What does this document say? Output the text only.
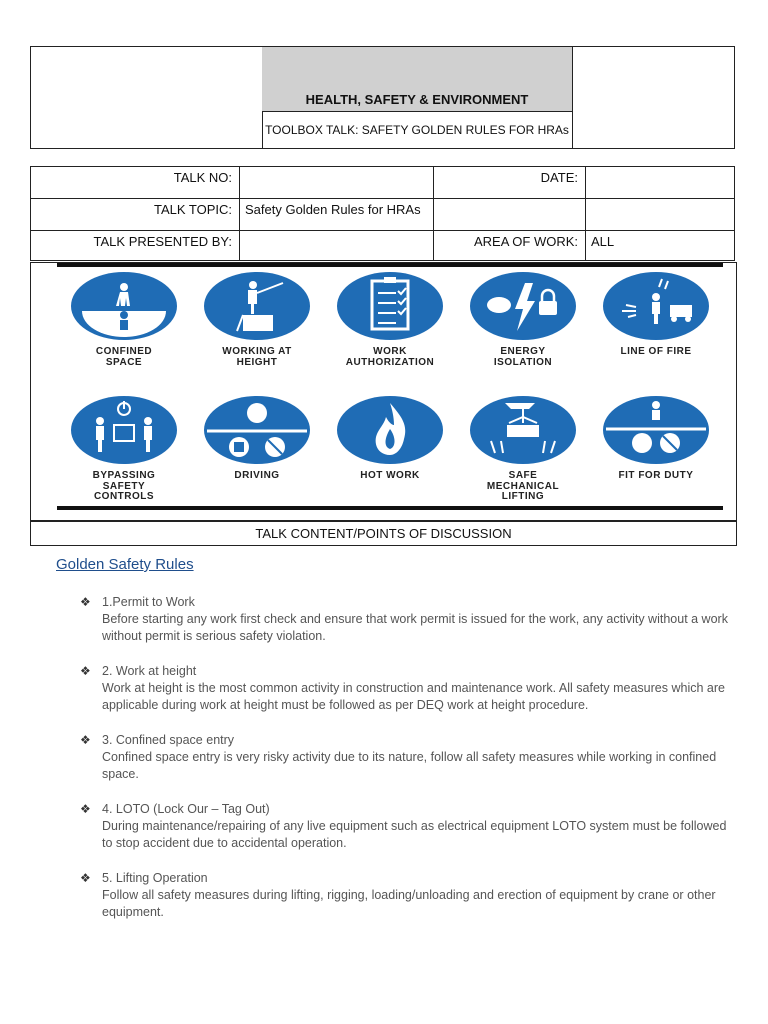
HEALTH, SAFETY & ENVIRONMENT
TOOLBOX TALK: SAFETY GOLDEN RULES FOR HRAs
TALK NO:	DATE:
TALK TOPIC: Safety Golden Rules for HRAs
TALK PRESENTED BY:	AREA OF WORK: ALL
CONFINED
SPACE
WORKING AT
HEIGHT
WORK
AUTHORIZATION
ENERGY
ISOLATION
LINE OF FIRE
BYPASSING
SAFETY
CONTROLS
DRIVING	HOT WORK	SAFE
MECHANICAL
LIFTING
FIT FOR DUTY
TALK CONTENT/POINTS OF DISCUSSION
Golden Safety Rules
❖ 1.Permit to Work
Before starting any work first check and ensure that work permit is issued for the work, any activity without a work without permit is serious safety violation.
❖ 2. Work at height
Work at height is the most common activity in construction and maintenance work. All safety measures which are applicable during work at height must be followed as per DEQ work at height procedure.
❖ 3. Confined space entry
Confined space entry is very risky activity due to its nature, follow all safety measures while working in confined space.
❖ 4. LOTO (Lock Our – Tag Out)
During maintenance/repairing of any live equipment such as electrical equipment LOTO system must be followed to stop accident due to accidental operation.
❖ 5. Lifting Operation
Follow all safety measures during lifting, rigging, loading/unloading and erection of equipment by crane or other equipment.
